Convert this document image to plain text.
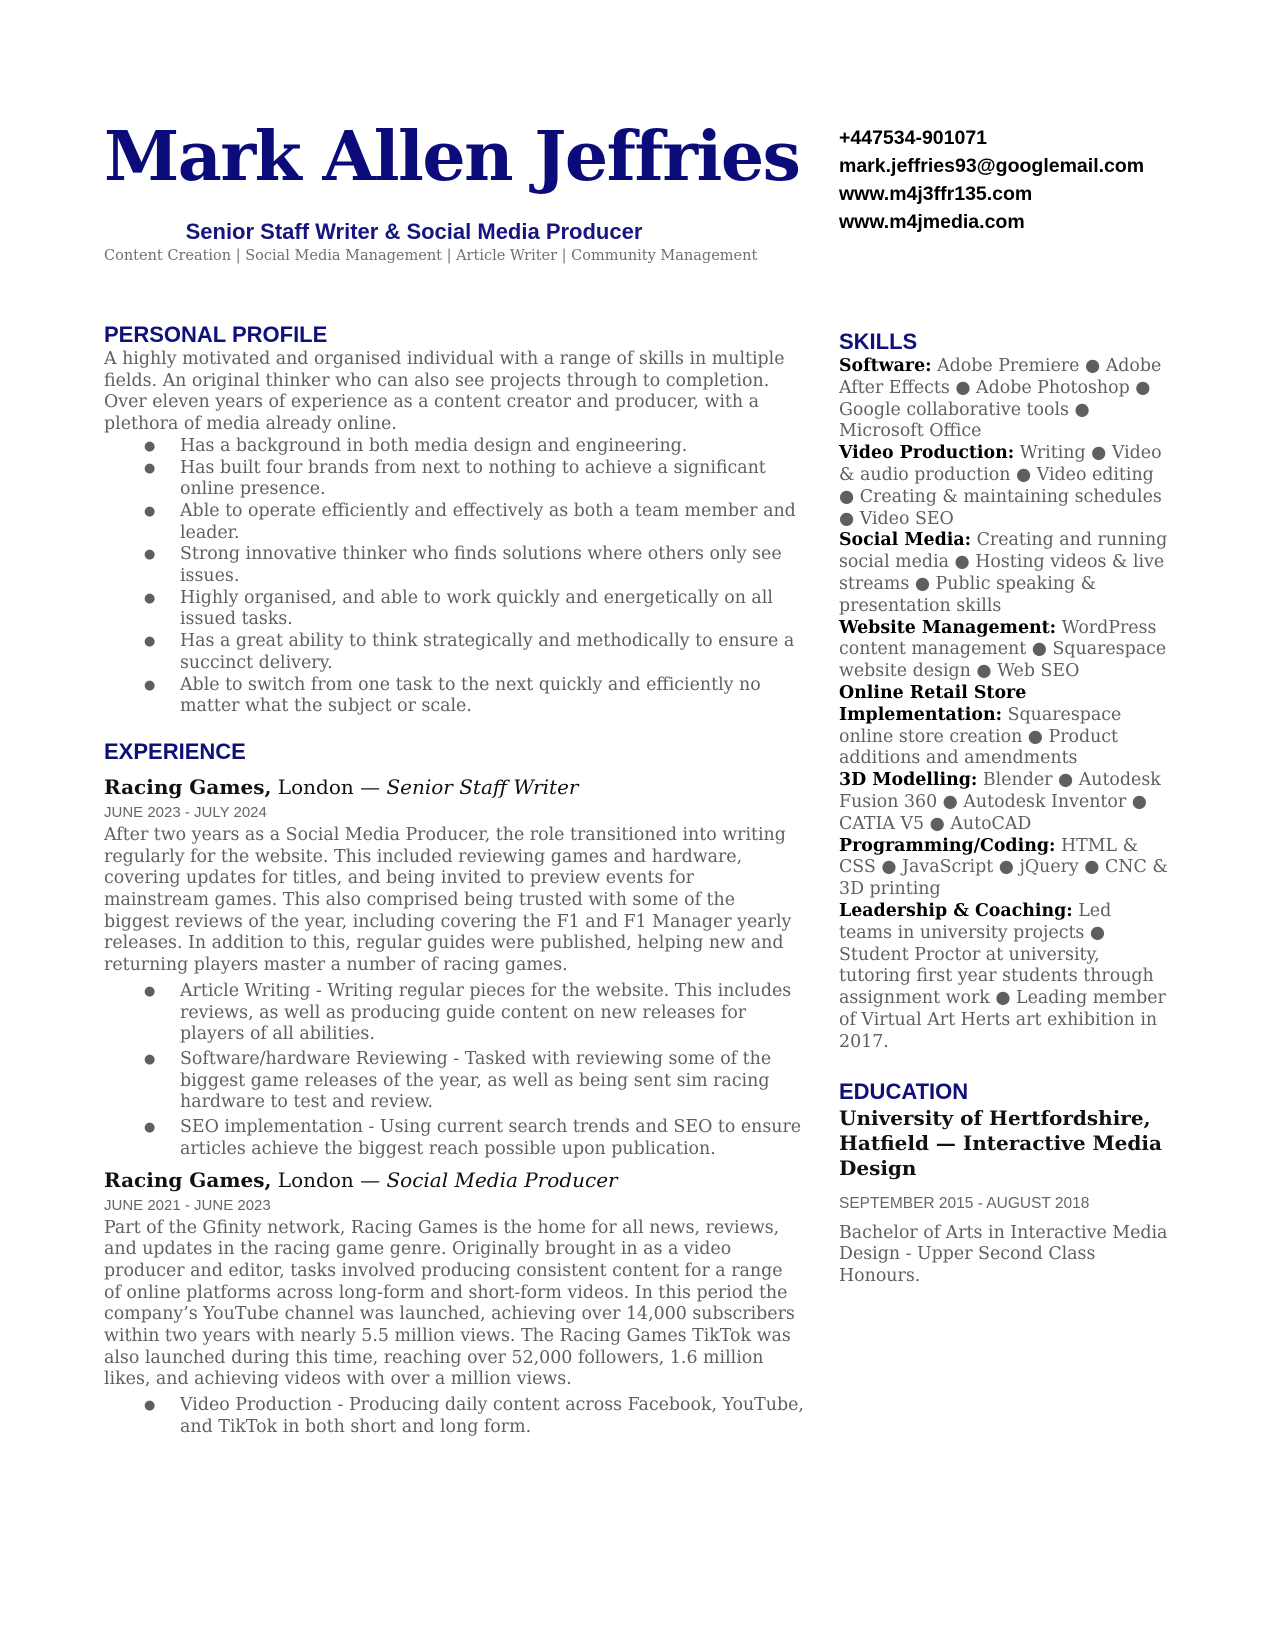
Mark Allen Jeffries
Senior Staff Writer & Social Media Producer
Content Creation | Social Media Management | Article Writer | Community Management
+447534-901071
mark.jeffries93@googlemail.com
www.m4j3ffr135.com
www.m4jmedia.com
PERSONAL PROFILE

A highly motivated and organised individual with a range of skills in multiple fields. An original thinker who can also see projects through to completion. Over eleven years of experience as a content creator and producer, with a plethora of media already online.

● Has a background in both media design and engineering.
● Has built four brands from next to nothing to achieve a significant online presence.
● Able to operate efficiently and effectively as both a team member and leader.
● Strong innovative thinker who finds solutions where others only see issues.
● Highly organised, and able to work quickly and energetically on all issued tasks.
● Has a great ability to think strategically and methodically to ensure a succinct delivery.
● Able to switch from one task to the next quickly and efficiently no matter what the subject or scale.
EXPERIENCE
Racing Games, London — Senior Staff Writer
JUNE 2023 - JULY 2024

After two years as a Social Media Producer, the role transitioned into writing regularly for the website. This included reviewing games and hardware, covering updates for titles, and being invited to preview events for mainstream games. This also comprised being trusted with some of the biggest reviews of the year, including covering the F1 and F1 Manager yearly releases. In addition to this, regular guides were published, helping new and returning players master a number of racing games.

● Article Writing - Writing regular pieces for the website. This includes reviews, as well as producing guide content on new releases for players of all abilities.
● Software/hardware Reviewing - Tasked with reviewing some of the biggest game releases of the year, as well as being sent sim racing hardware to test and review.
● SEO implementation - Using current search trends and SEO to ensure articles achieve the biggest reach possible upon publication.
Racing Games, London — Social Media Producer
JUNE 2021 - JUNE 2023

Part of the Gfinity network, Racing Games is the home for all news, reviews, and updates in the racing game genre. Originally brought in as a video producer and editor, tasks involved producing consistent content for a range of online platforms across long-form and short-form videos. In this period the company’s YouTube channel was launched, achieving over 14,000 subscribers within two years with nearly 5.5 million views. The Racing Games TikTok was also launched during this time, reaching over 52,000 followers, 1.6 million likes, and achieving videos with over a million views.

● Video Production - Producing daily content across Facebook, YouTube, and TikTok in both short and long form.
SKILLS
Software: Adobe Premiere ● Adobe After Effects ● Adobe Photoshop ● Google collaborative tools ● Microsoft Office
Video Production: Writing ● Video & audio production ● Video editing ● Creating & maintaining schedules ● Video SEO
Social Media: Creating and running social media ● Hosting videos & live streams ● Public speaking & presentation skills
Website Management: WordPress content management ● Squarespace website design ● Web SEO
Online Retail Store Implementation: Squarespace online store creation ● Product additions and amendments
3D Modelling: Blender ● Autodesk Fusion 360 ● Autodesk Inventor ● CATIA V5 ● AutoCAD
Programming/Coding: HTML & CSS ● JavaScript ● jQuery ● CNC & 3D printing
Leadership & Coaching: Led teams in university projects ● Student Proctor at university, tutoring first year students through assignment work ● Leading member of Virtual Art Herts art exhibition in 2017.
EDUCATION
University of Hertfordshire, Hatfield — Interactive Media Design
SEPTEMBER 2015 - AUGUST 2018

Bachelor of Arts in Interactive Media Design - Upper Second Class Honours.
